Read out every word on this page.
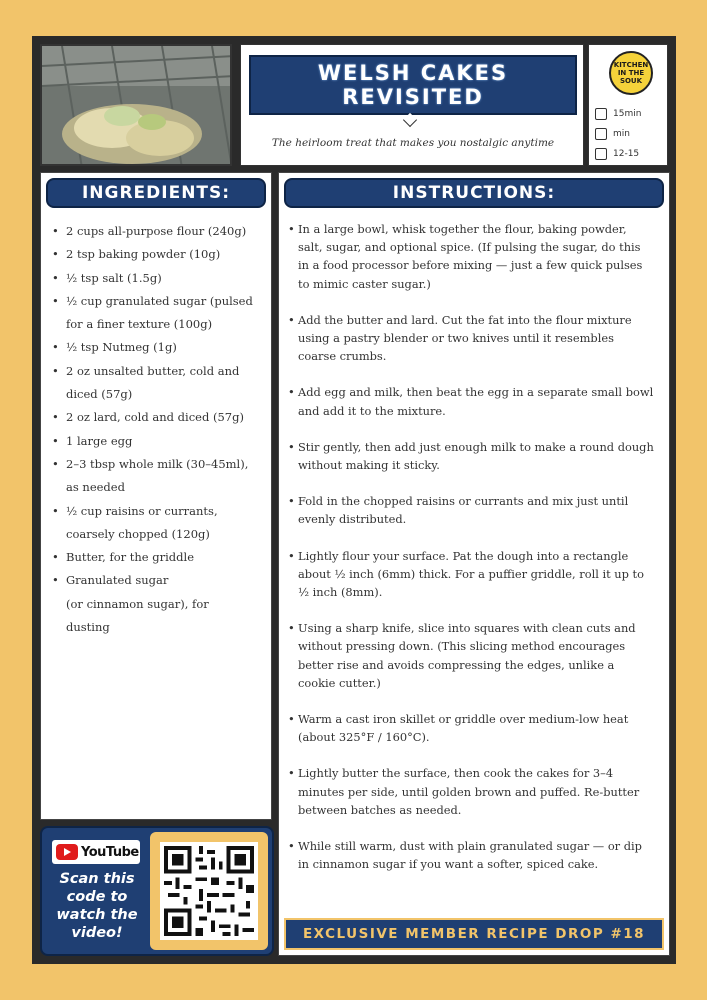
WELSH CAKES
REVISITED
The heirloom treat that makes you nostalgic anytime
KITCHEN
IN THE
SOUK
15min
min
12-15
INGREDIENTS:
• 2 cups all-purpose flour (240g)
• 2 tsp baking powder (10g)
• ½ tsp salt (1.5g)
• ½ cup granulated sugar (pulsed
for a finer texture (100g)
• ½ tsp Nutmeg (1g)
• 2 oz unsalted butter, cold and
diced (57g)
• 2 oz lard, cold and diced (57g)
• 1 large egg
• 2–3 tbsp whole milk (30–45ml),
as needed
• ½ cup raisins or currants,
coarsely chopped (120g)
• Butter, for the griddle
• Granulated sugar
(or cinnamon sugar), for
dusting
INSTRUCTIONS:
• In a large bowl, whisk together the flour, baking powder, salt, sugar, and optional spice. (If pulsing the sugar, do this in a food processor before mixing — just a few quick pulses to mimic caster sugar.)
• Add the butter and lard. Cut the fat into the flour mixture using a pastry blender or two knives until it resembles coarse crumbs.
• Add egg and milk, then beat the egg in a separate small bowl and add it to the mixture.
• Stir gently, then add just enough milk to make a round dough without making it sticky.
• Fold in the chopped raisins or currants and mix just until evenly distributed.
• Lightly flour your surface. Pat the dough into a rectangle about ½ inch (6mm) thick. For a puffier griddle, roll it up to ½ inch (8mm).
• Using a sharp knife, slice into squares with clean cuts and without pressing down. (This slicing method encourages better rise and avoids compressing the edges, unlike a cookie cutter.)
• Warm a cast iron skillet or griddle over medium-low heat (about 325°F / 160°C).
• Lightly butter the surface, then cook the cakes for 3–4 minutes per side, until golden brown and puffed. Re-butter between batches as needed.
• While still warm, dust with plain granulated sugar — or dip in cinnamon sugar if you want a softer, spiced cake.
YouTube
Scan this
code to
watch the
video!	EXCLUSIVE MEMBER RECIPE DROP #18
